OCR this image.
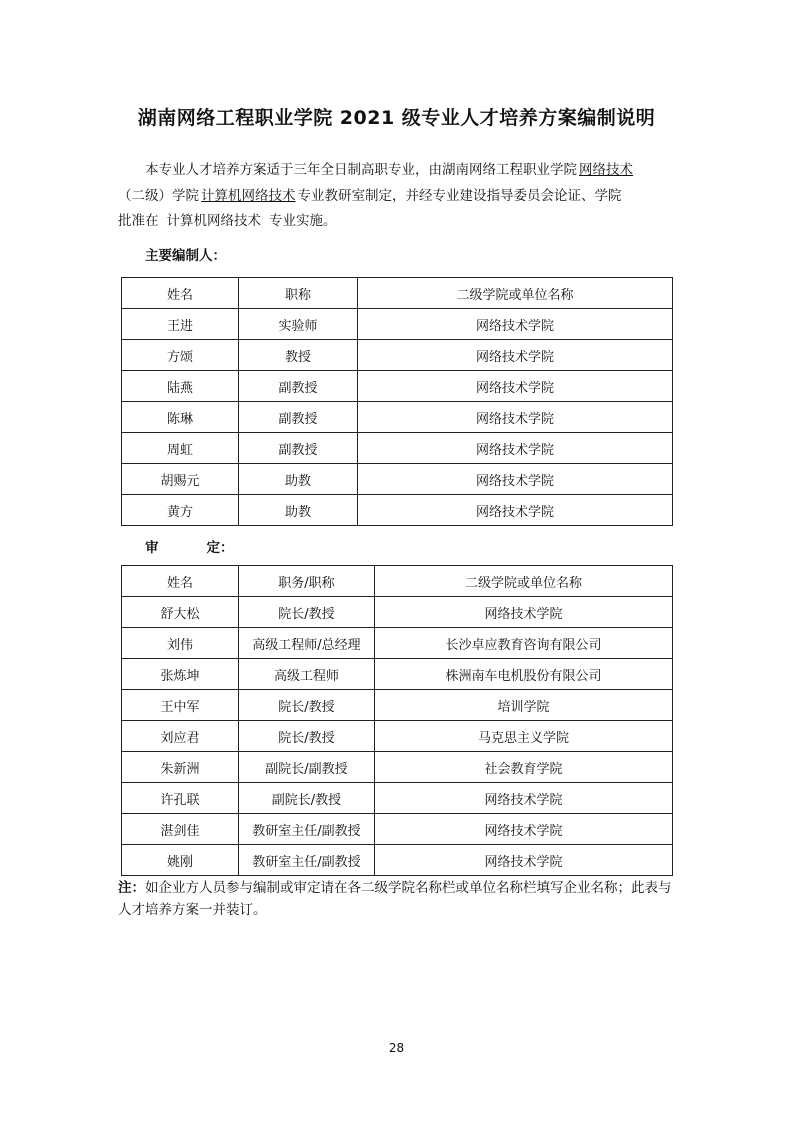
湖南网络工程职业学院 2021 级专业人才培养方案编制说明

本专业人才培养方案适于三年全日制高职专业，由湖南网络工程职业学院 网络技术

（二级）学院 计算机网络技术 专业教研室制定，并经专业建设指导委员会论证、学院

批准在 计算机网络技术 专业实施。

主要编制人：
姓名	职称	二级学院或单位名称
王进	实验师	网络技术学院
方颂	教授	网络技术学院
陆燕	副教授	网络技术学院
陈琳	副教授	网络技术学院
周虹	副教授	网络技术学院
胡赐元	助教	网络技术学院
黄方	助教	网络技术学院
审	定：
姓名	职务/职称	二级学院或单位名称
舒大松	院长/教授	网络技术学院
刘伟	高级工程师/总经理	长沙卓应教育咨询有限公司
张炼坤	高级工程师	株洲南车电机股份有限公司
王中军	院长/教授	培训学院
刘应君	院长/教授	马克思主义学院
朱新洲	副院长/副教授	社会教育学院
许孔联	副院长/教授	网络技术学院
湛剑佳	教研室主任/副教授	网络技术学院
姚刚	教研室主任/副教授	网络技术学院
注：如企业方人员参与编制或审定请在各二级学院名称栏或单位名称栏填写企业名称；此表与人才培养方案一并装订。
28
